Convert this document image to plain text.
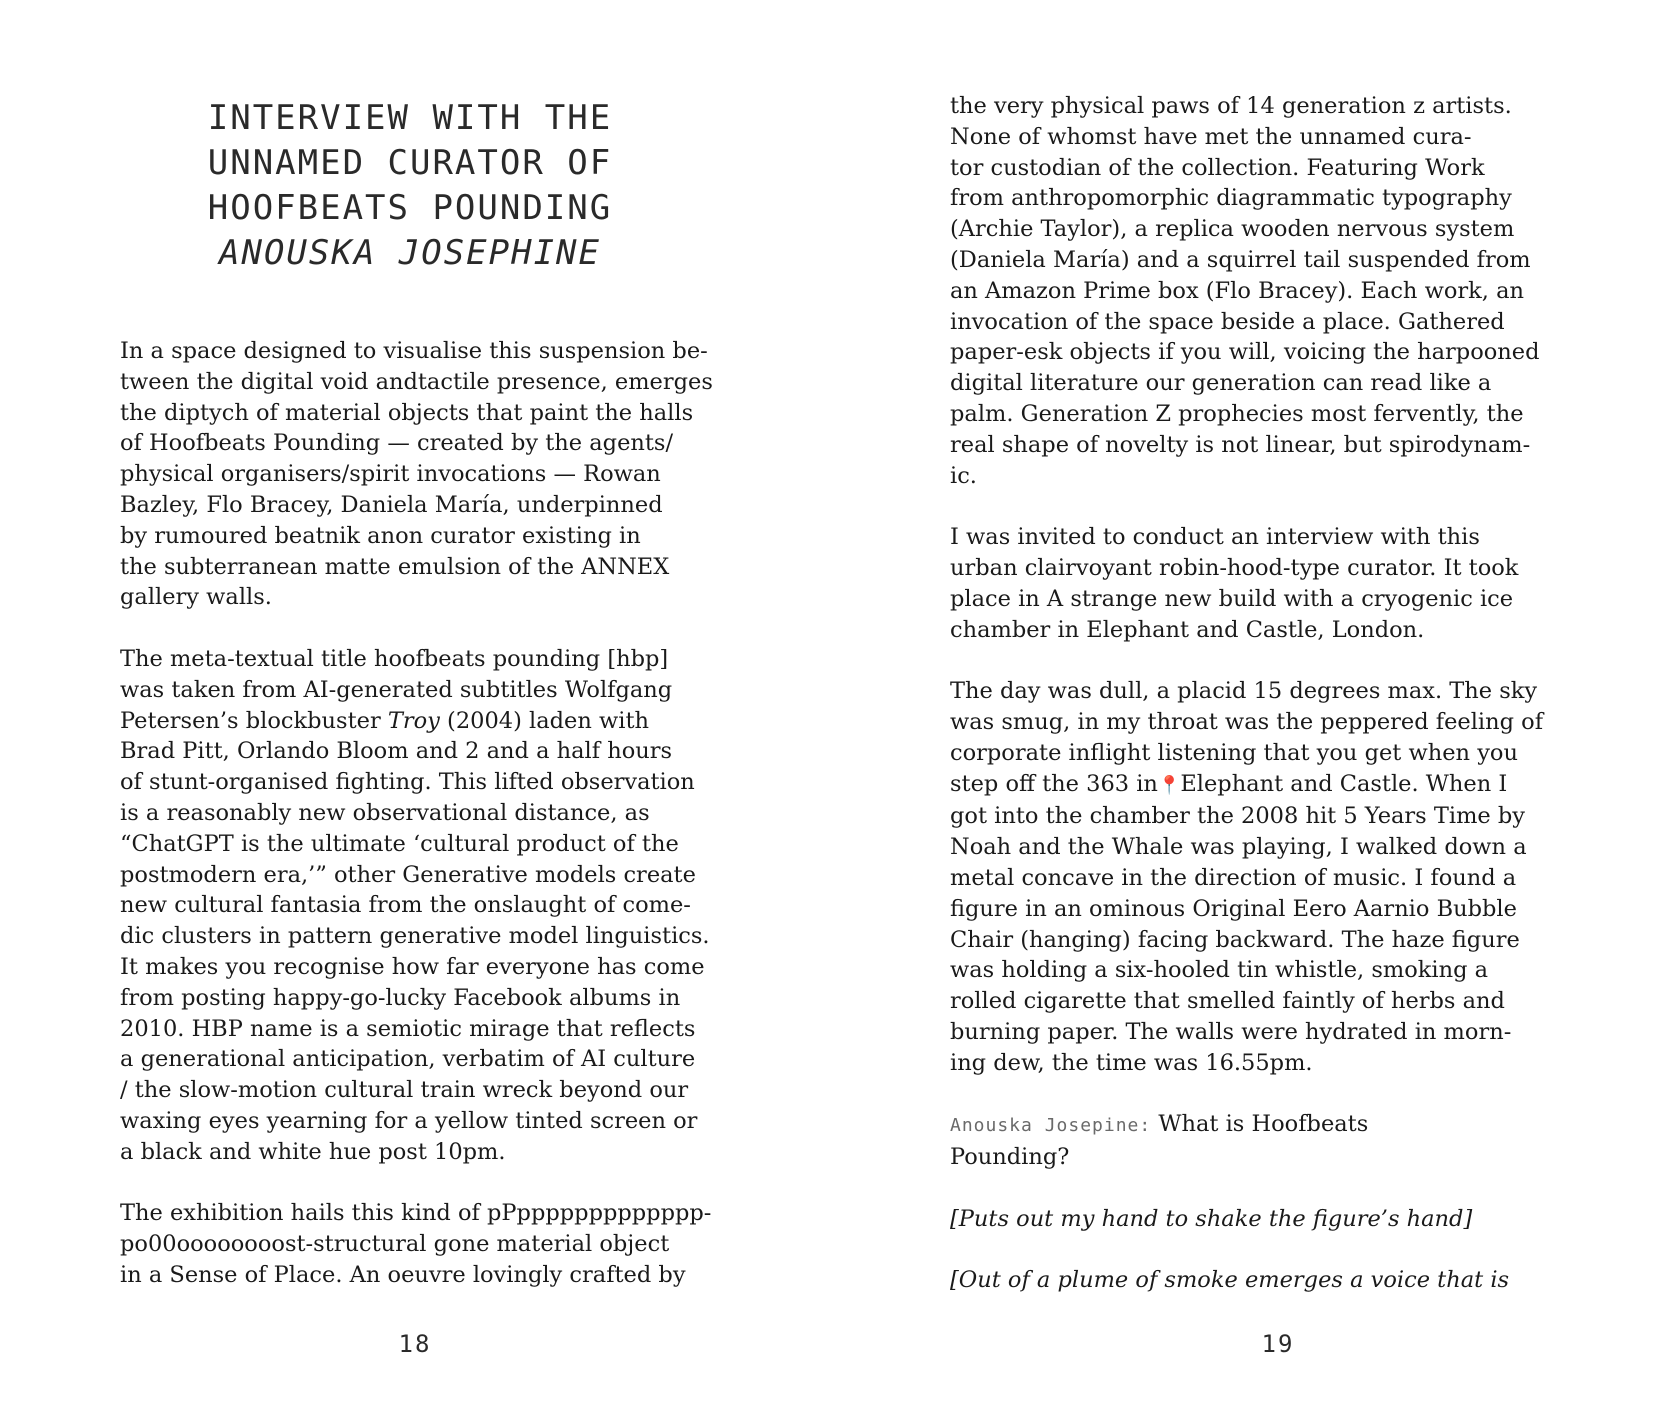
INTERVIEW WITH THE
UNNAMED CURATOR OF
HOOFBEATS POUNDING
ANOUSKA JOSEPHINE

In a space designed to visualise this suspension be-
tween the digital void andtactile presence, emerges
the diptych of material objects that paint the halls
of Hoofbeats Pounding — created by the agents/
physical organisers/spirit invocations — Rowan
Bazley, Flo Bracey, Daniela María, underpinned
by rumoured beatnik anon curator existing in
the subterranean matte emulsion of the ANNEX
gallery walls.

The meta-textual title hoofbeats pounding [hbp]
was taken from AI-generated subtitles Wolfgang
Petersen’s blockbuster Troy (2004) laden with
Brad Pitt, Orlando Bloom and 2 and a half hours
of stunt-organised fighting. This lifted observation
is a reasonably new observational distance, as
“ChatGPT is the ultimate ‘cultural product of the
postmodern era,’” other Generative models create
new cultural fantasia from the onslaught of come-
dic clusters in pattern generative model linguistics.
It makes you recognise how far everyone has come
from posting happy-go-lucky Facebook albums in
2010. HBP name is a semiotic mirage that reflects
a generational anticipation, verbatim of AI culture
/ the slow-motion cultural train wreck beyond our
waxing eyes yearning for a yellow tinted screen or
a black and white hue post 10pm.

The exhibition hails this kind of pPppppppppppppp-
po00oooooooost-structural gone material object
in a Sense of Place. An oeuvre lovingly crafted by

18

the very physical paws of 14 generation z artists.
None of whomst have met the unnamed cura-
tor custodian of the collection. Featuring Work
from anthropomorphic diagrammatic typography
(Archie Taylor), a replica wooden nervous system
(Daniela María) and a squirrel tail suspended from
an Amazon Prime box (Flo Bracey). Each work, an
invocation of the space beside a place. Gathered
paper-esk objects if you will, voicing the harpooned
digital literature our generation can read like a
palm. Generation Z prophecies most fervently, the
real shape of novelty is not linear, but spirodynam-
ic.

I was invited to conduct an interview with this
urban clairvoyant robin-hood-type curator. It took
place in A strange new build with a cryogenic ice
chamber in Elephant and Castle, London.

The day was dull, a placid 15 degrees max. The sky
was smug, in my throat was the peppered feeling of
corporate inflight listening that you get when you
step off the 363 in📍Elephant and Castle. When I
got into the chamber the 2008 hit 5 Years Time by
Noah and the Whale was playing, I walked down a
metal concave in the direction of music. I found a
figure in an ominous Original Eero Aarnio Bubble
Chair (hanging) facing backward. The haze figure
was holding a six-hooled tin whistle, smoking a
rolled cigarette that smelled faintly of herbs and
burning paper. The walls were hydrated in morn-
ing dew, the time was 16.55pm.

Anouska Josepine: What is Hoofbeats
Pounding?

[Puts out my hand to shake the figure’s hand]

[Out of a plume of smoke emerges a voice that is

19
